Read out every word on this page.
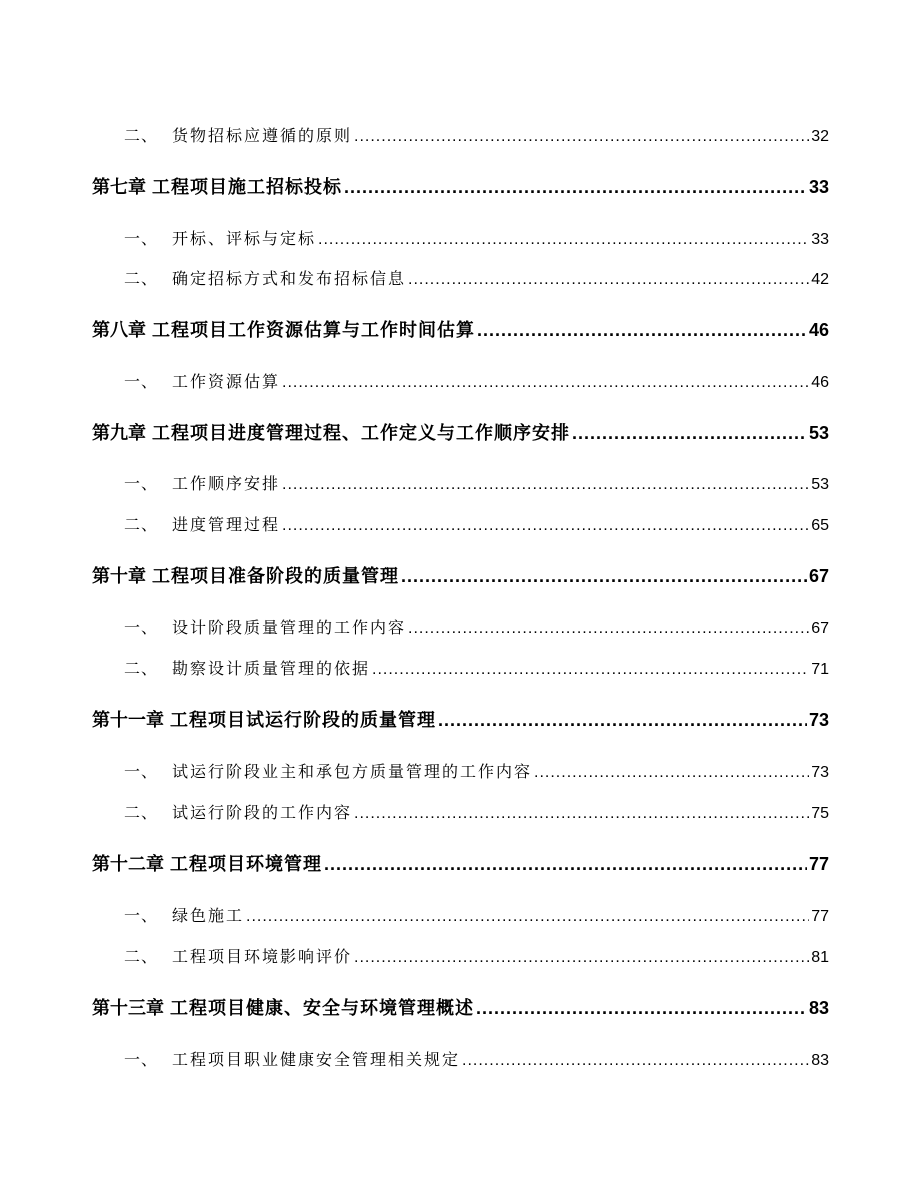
二、 货物招标应遵循的原则 .....	32
第七章 工程项目施工招标投标 .....	33
一、 开标、评标与定标 .....	33
二、 确定招标方式和发布招标信息 .....	42
第八章 工程项目工作资源估算与工作时间估算 .....	46
一、 工作资源估算 .....	46
第九章 工程项目进度管理过程、工作定义与工作顺序安排 .....	53
一、 工作顺序安排 .....	53
二、 进度管理过程 .....	65
第十章 工程项目准备阶段的质量管理 .....	67
一、 设计阶段质量管理的工作内容 .....	67
二、 勘察设计质量管理的依据 .....	71
第十一章 工程项目试运行阶段的质量管理 .....	73
一、 试运行阶段业主和承包方质量管理的工作内容 .....	73
二、 试运行阶段的工作内容 .....	75
第十二章 工程项目环境管理 .....	77
一、 绿色施工 .....	77
二、 工程项目环境影响评价 .....	81
第十三章 工程项目健康、安全与环境管理概述 .....	83
一、 工程项目职业健康安全管理相关规定 .....	83
